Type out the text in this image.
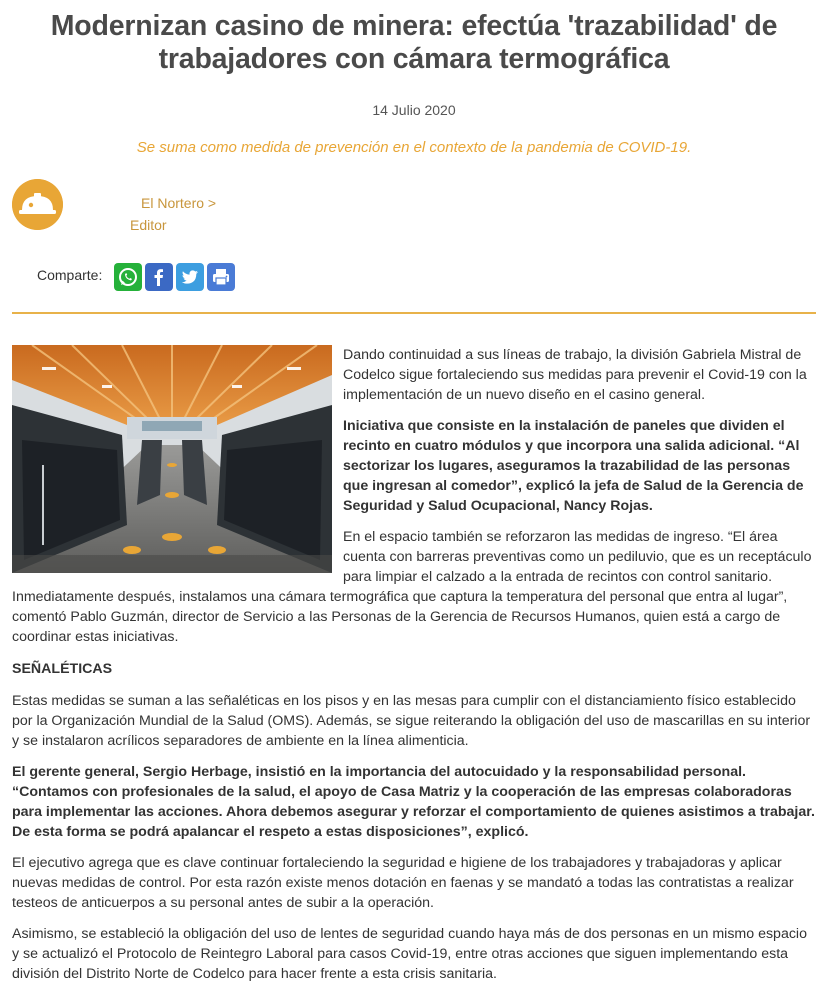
Modernizan casino de minera: efectúa 'trazabilidad' de trabajadores con cámara termográfica
14 Julio 2020
Se suma como medida de prevención en el contexto de la pandemia de COVID-19.
El Nortero >
Editor
Comparte:

Dando continuidad a sus líneas de trabajo, la división Gabriela Mistral de Codelco sigue fortaleciendo sus medidas para prevenir el Covid-19 con la implementación de un nuevo diseño en el casino general.

Iniciativa que consiste en la instalación de paneles que dividen el recinto en cuatro módulos y que incorpora una salida adicional. “Al sectorizar los lugares, aseguramos la trazabilidad de las personas que ingresan al comedor”, explicó la jefa de Salud de la Gerencia de Seguridad y Salud Ocupacional, Nancy Rojas.

En el espacio también se reforzaron las medidas de ingreso. “El área cuenta con barreras preventivas como un pediluvio, que es un receptáculo para limpiar el calzado a la entrada de recintos con control sanitario. Inmediatamente después, instalamos una cámara termográfica que captura la temperatura del personal que entra al lugar”, comentó Pablo Guzmán, director de Servicio a las Personas de la Gerencia de Recursos Humanos, quien está a cargo de coordinar estas iniciativas.

SEÑALÉTICAS

Estas medidas se suman a las señaléticas en los pisos y en las mesas para cumplir con el distanciamiento físico establecido por la Organización Mundial de la Salud (OMS). Además, se sigue reiterando la obligación del uso de mascarillas en su interior y se instalaron acrílicos separadores de ambiente en la línea alimenticia.

El gerente general, Sergio Herbage, insistió en la importancia del autocuidado y la responsabilidad personal. “Contamos con profesionales de la salud, el apoyo de Casa Matriz y la cooperación de las empresas colaboradoras para implementar las acciones. Ahora debemos asegurar y reforzar el comportamiento de quienes asistimos a trabajar. De esta forma se podrá apalancar el respeto a estas disposiciones”, explicó.

El ejecutivo agrega que es clave continuar fortaleciendo la seguridad e higiene de los trabajadores y trabajadoras y aplicar nuevas medidas de control. Por esta razón existe menos dotación en faenas y se mandató a todas las contratistas a realizar testeos de anticuerpos a su personal antes de subir a la operación.

Asimismo, se estableció la obligación del uso de lentes de seguridad cuando haya más de dos personas en un mismo espacio y se actualizó el Protocolo de Reintegro Laboral para casos Covid-19, entre otras acciones que siguen implementando esta división del Distrito Norte de Codelco para hacer frente a esta crisis sanitaria.
